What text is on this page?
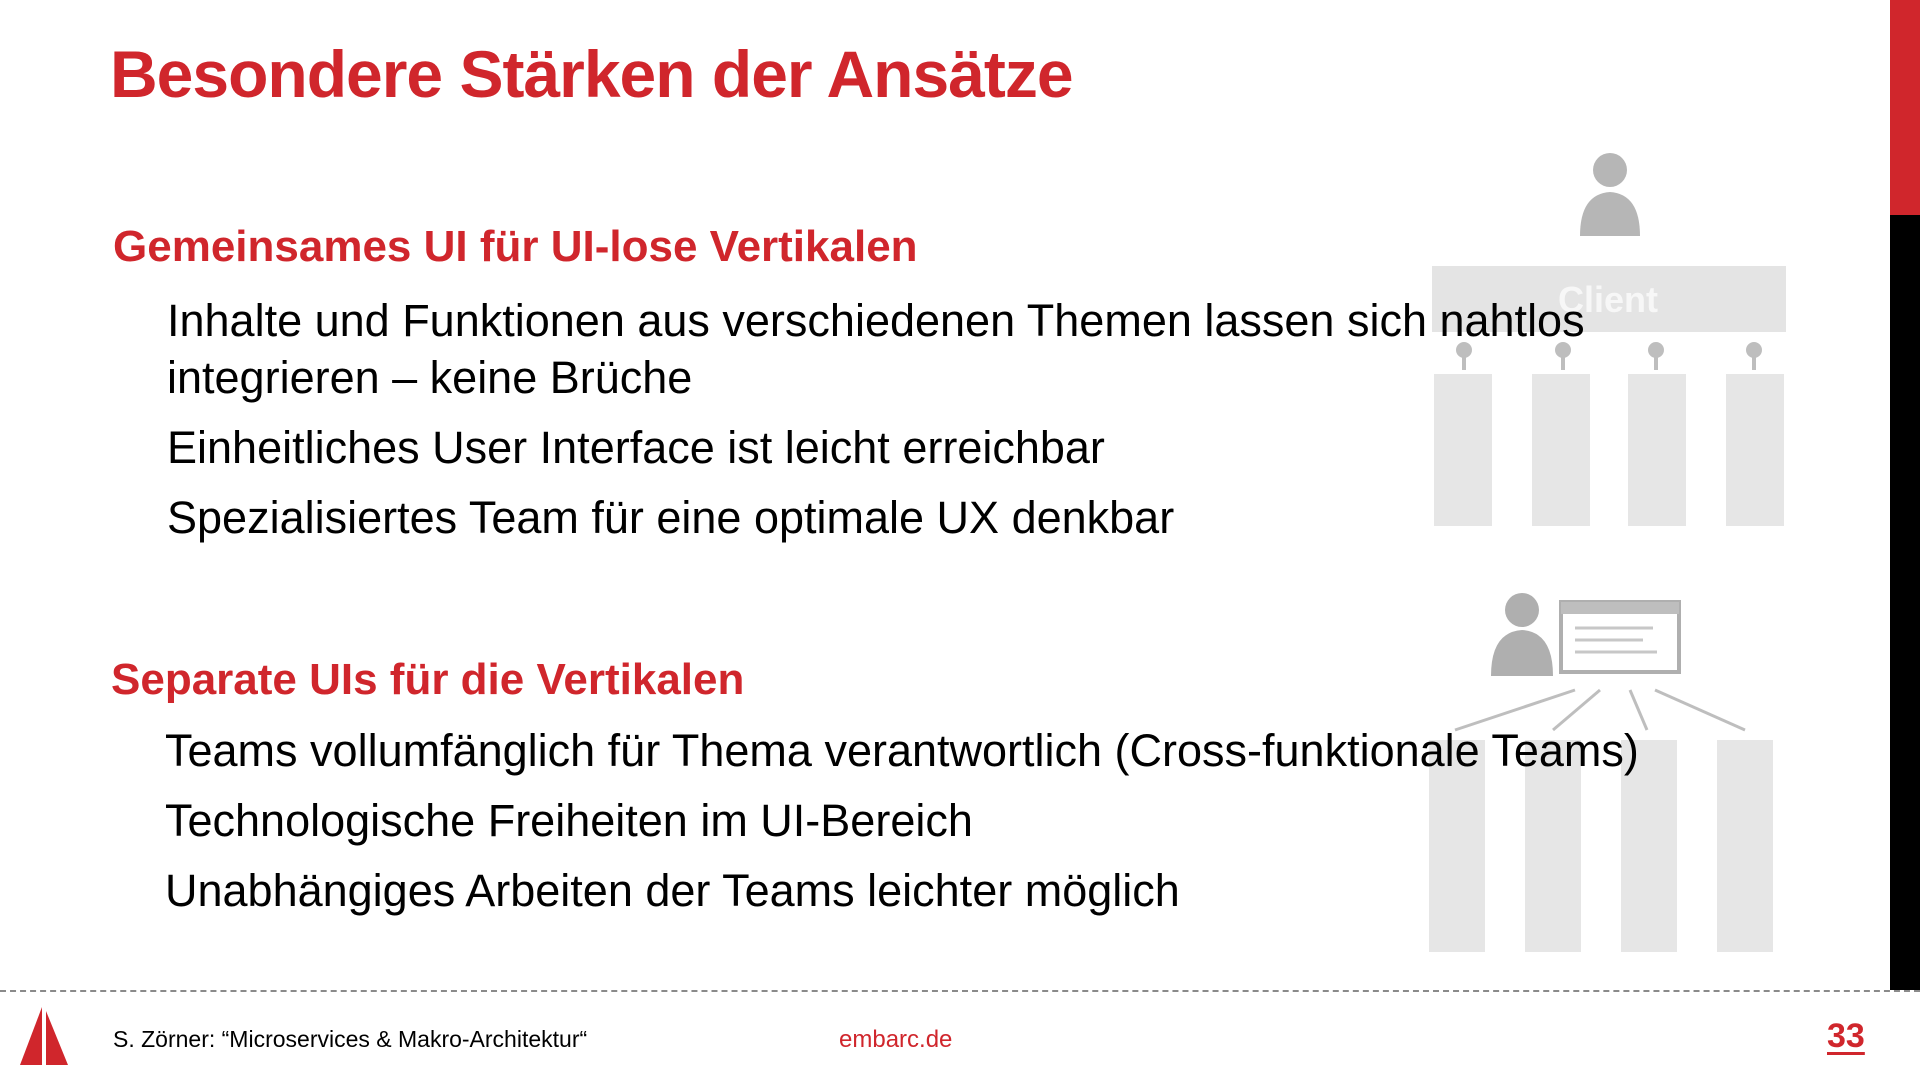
Besondere Stärken der Ansätze
Client
Gemeinsames UI für UI-lose Vertikalen
Inhalte und Funktionen aus verschiedenen Themen lassen sich nahtlos integrieren – keine Brüche
Einheitliches User Interface ist leicht erreichbar
Spezialisiertes Team für eine optimale UX denkbar
Separate UIs für die Vertikalen
Teams vollumfänglich für Thema verantwortlich (Cross-funktionale Teams)
Technologische Freiheiten im UI-Bereich
Unabhängiges Arbeiten der Teams leichter möglich
S. Zörner: “Microservices & Makro-Architektur“	embarc.de	33
